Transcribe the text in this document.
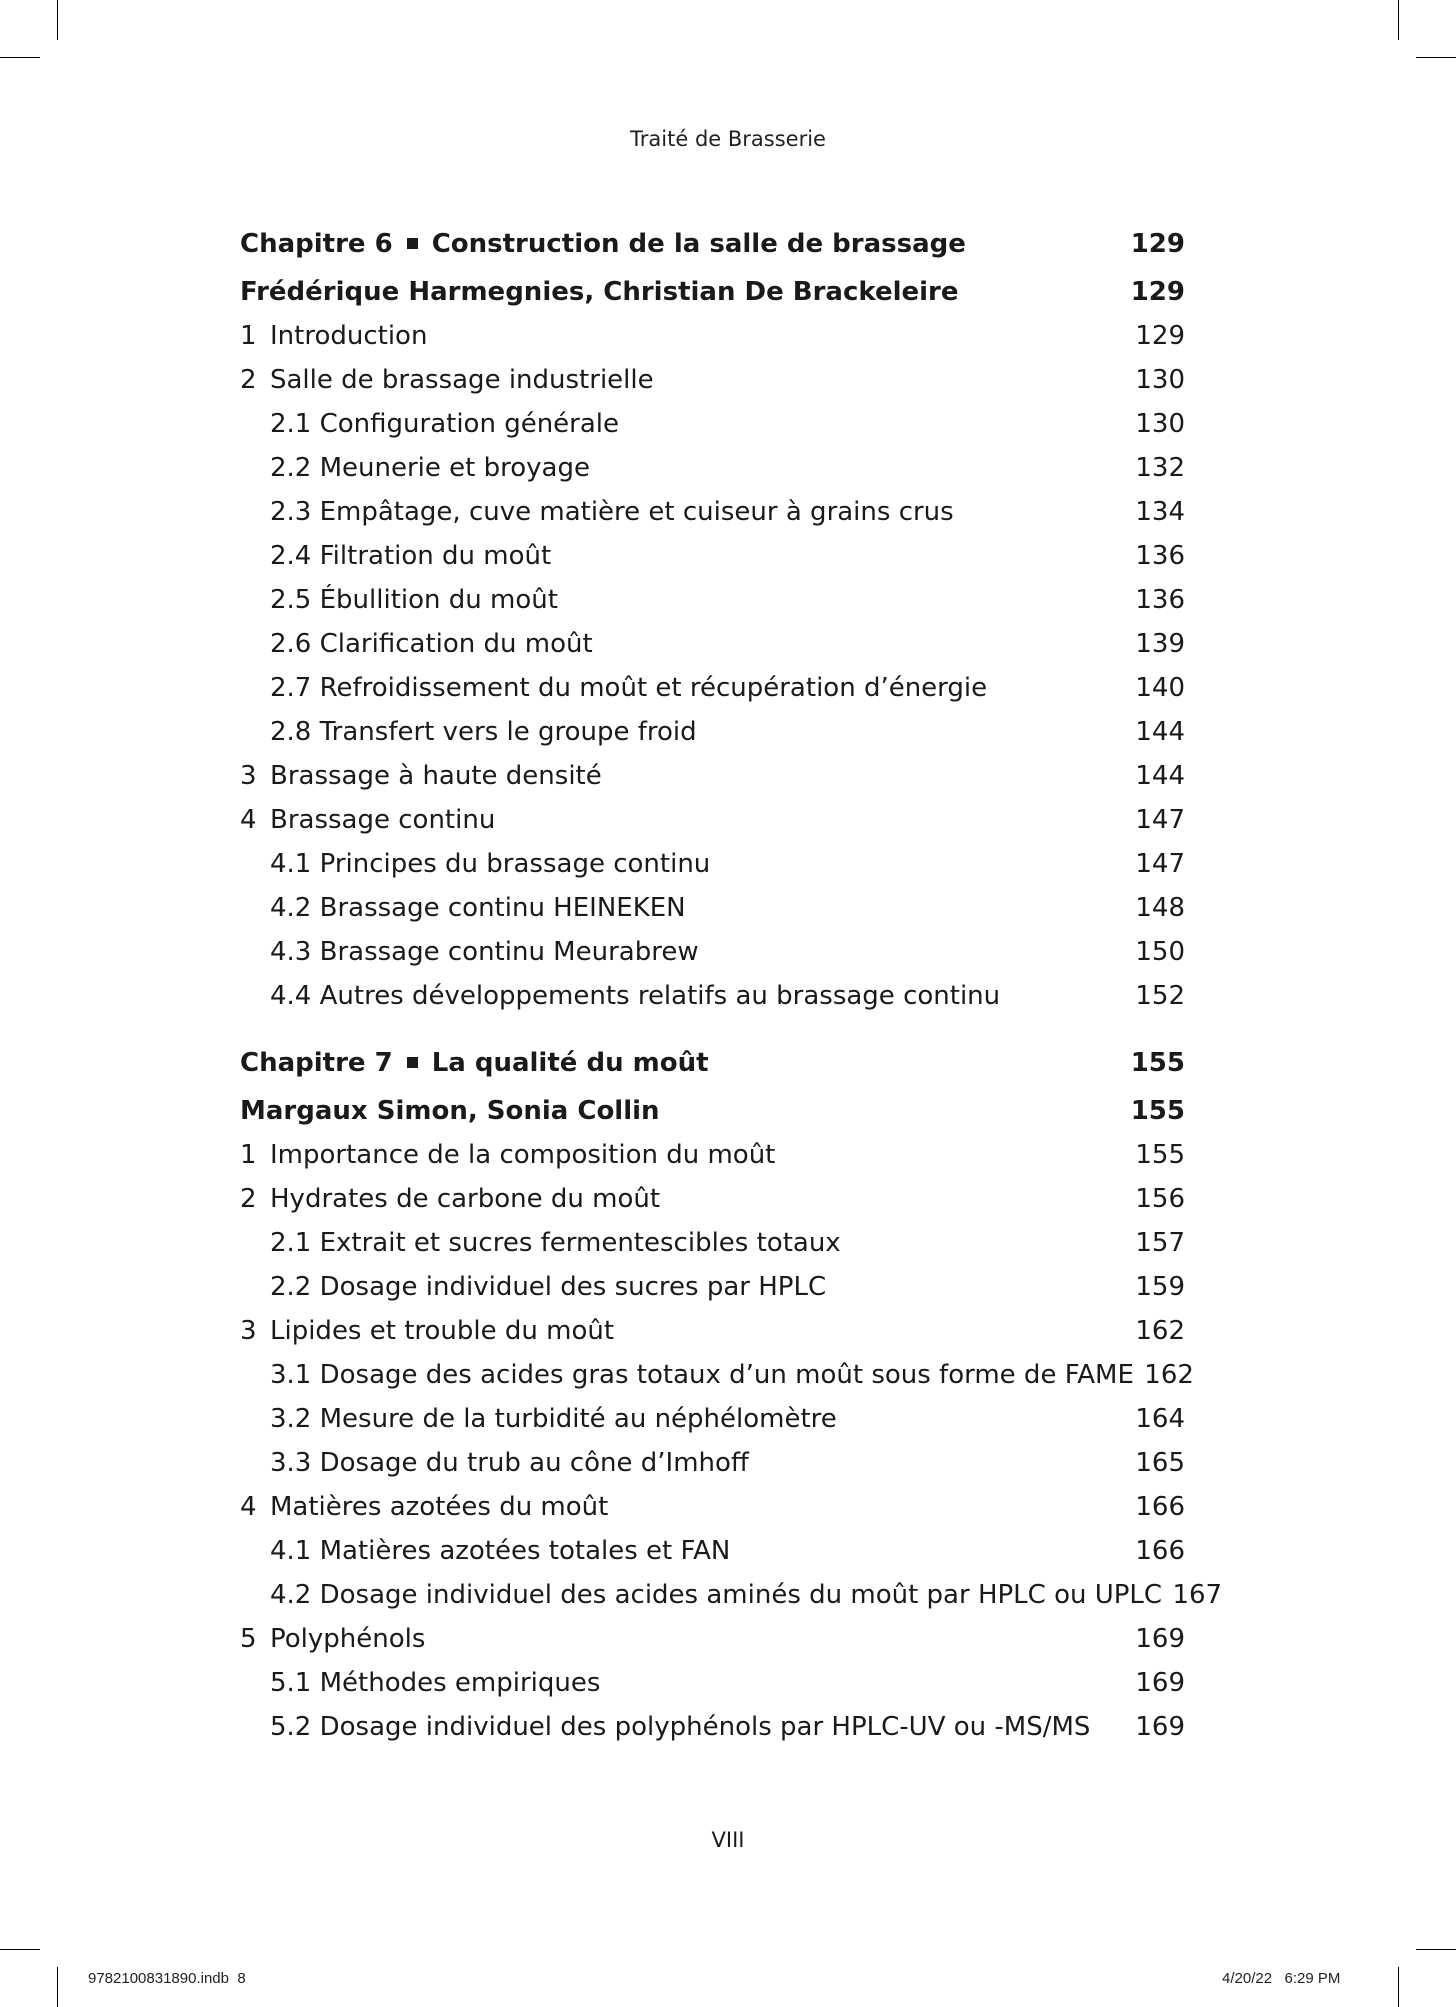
Traité de Brasserie
Chapitre 6 Construction de la salle de brassage	129
Frédérique Harmegnies, Christian De Brackeleire	129
1 Introduction	129
2 Salle de brassage industrielle	130
2.1 Configuration générale	130
2.2 Meunerie et broyage	132
2.3 Empâtage, cuve matière et cuiseur à grains crus	134
2.4 Filtration du moût	136
2.5 Ébullition du moût	136
2.6 Clarification du moût	139
2.7 Refroidissement du moût et récupération d’énergie	140
2.8 Transfert vers le groupe froid	144
3 Brassage à haute densité	144
4 Brassage continu	147
4.1 Principes du brassage continu	147
4.2 Brassage continu HEINEKEN	148
4.3 Brassage continu Meurabrew	150
4.4 Autres développements relatifs au brassage continu	152
Chapitre 7 La qualité du moût	155
Margaux Simon, Sonia Collin	155
1 Importance de la composition du moût	155
2 Hydrates de carbone du moût	156
2.1 Extrait et sucres fermentescibles totaux	157
2.2 Dosage individuel des sucres par HPLC	159
3 Lipides et trouble du moût	162
3.1 Dosage des acides gras totaux d’un moût sous forme de FAME 162
3.2 Mesure de la turbidité au néphélomètre	164
3.3 Dosage du trub au cône d’Imhoff	165
4 Matières azotées du moût	166
4.1 Matières azotées totales et FAN	166
4.2 Dosage individuel des acides aminés du moût par HPLC ou UPLC 167
5 Polyphénols	169
5.1 Méthodes empiriques	169
5.2 Dosage individuel des polyphénols par HPLC-UV ou -MS/MS	169
VIII
9782100831890.indb 8	4/20/22   6:29 PM
